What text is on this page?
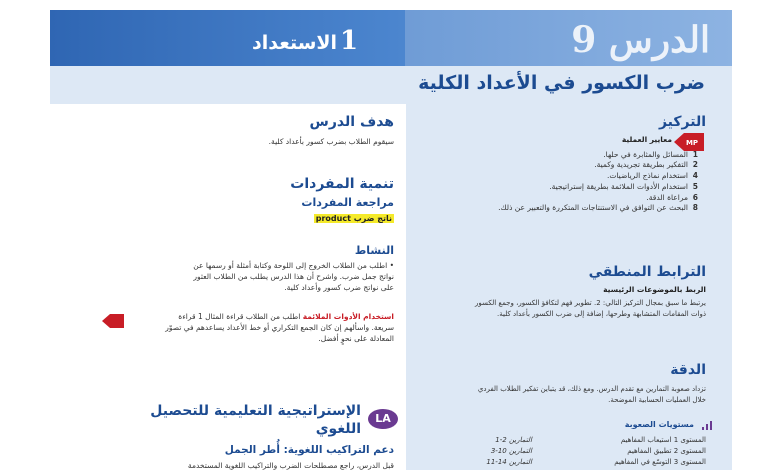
1
الاستعداد	الدرس 9
ضرب الكسور في الأعداد الكلية
هدف الدرس
سيقوم الطلاب بضرب كسور بأعداد كلية.
تنمية المفردات
مراجعة المفردات
ناتج ضرب product
النشاط
• اطلب من الطلاب الخروج إلى اللوحة وكتابة أمثلة أو رسمها عن
نواتج جمل ضرب. واشرح أن هذا الدرس يطلب من الطلاب العثور
على نواتج ضرب كسور وأعداد كلية.
استخدام الأدوات الملائمة اطلب من الطلاب قراءة المثال 1 قراءة
سريعة. واسألهم إن كان الجمع التكراري أو خط الأعداد يساعدهم في تصوّر
المعادلة على نحوٍ أفضل.
LA
الإستراتيجية التعليمية للتحصيل
اللغوي
دعم التراكيب اللغوية: أُطر الجمل
قبل الدرس، راجع مصطلحات الضرب والتراكيب اللغوية المستخدمة
التركيز
MP
معايير العملية
1  المسائل والمثابرة في حلها.
2  التفكير بطريقة تجريدية وكمية.
4  استخدام نماذج الرياضيات.
5  استخدام الأدوات الملائمة بطريقة إستراتيجية.
6  مراعاة الدقة.
8  البحث عن التوافق في الاستنتاجات المتكررة والتعبير عن ذلك.
الترابط المنطقي
الربط بالموضوعات الرئيسية
يرتبط ما سبق بمجال التركيز التالي: 2. تطوير فهم لتكافؤ الكسور، وجمع الكسور
ذوات المقامات المتشابهة وطرحها، إضافة إلى ضرب الكسور بأعداد كلية.
الدقة
تزداد صعوبة التمارين مع تقدم الدرس. ومع ذلك، قد يتباين تفكير الطلاب الفردي
خلال العمليات الحسابية الموضحة.
مستويات الصعوبة
المستوى 1 استيعاب المفاهيم
التمارين 2-1
المستوى 2 تطبيق المفاهيم
التمارين 10-3
المستوى 3 التوسّع في المفاهيم
التمارين 14-11
